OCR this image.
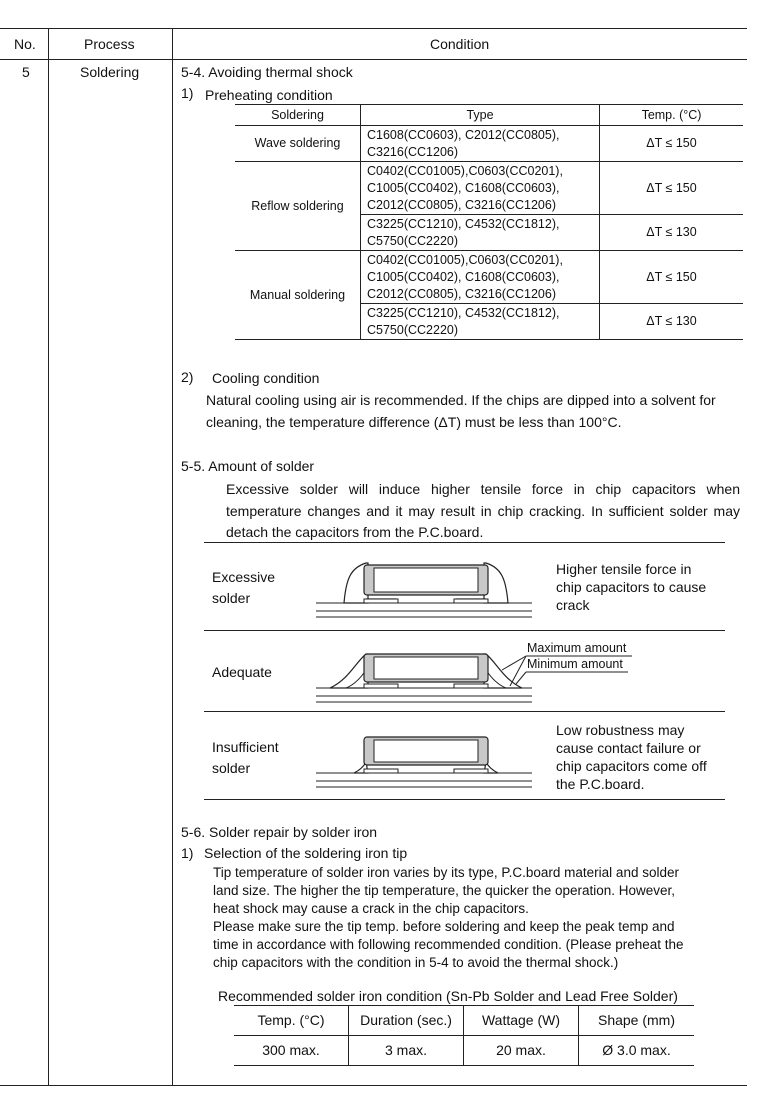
No.	Process	Condition
5	Soldering	5-4. Avoiding thermal shock
1) Preheating condition
Soldering	Type	Temp. (°C)
Wave soldering	C1608(CC0603), C2012(CC0805),
C3216(CC1206)	ΔT ≤ 150
Reflow soldering	C0402(CC01005),C0603(CC0201),
C1005(CC0402), C1608(CC0603),
C2012(CC0805), C3216(CC1206)	ΔT ≤ 150

	C3225(CC1210), C4532(CC1812),
C5750(CC2220)	ΔT ≤ 130
Manual soldering	C0402(CC01005),C0603(CC0201),
C1005(CC0402), C1608(CC0603),
C2012(CC0805), C3216(CC1206)	ΔT ≤ 150

	C3225(CC1210), C4532(CC1812),
C5750(CC2220)	ΔT ≤ 130
2) Cooling condition
Natural cooling using air is recommended. If the chips are dipped into a solvent for
cleaning, the temperature difference (ΔT) must be less than 100°C.
5-5. Amount of solder
Excessive solder will induce higher tensile force in chip capacitors when
temperature changes and it may result in chip cracking. In sufficient solder may
detach the capacitors from the P.C.board.
Excessive
solder
Higher tensile force in
chip capacitors to cause
crack
Adequate
Maximum amount
Minimum amount
Insufficient
solder
Low robustness may
cause contact failure or
chip capacitors come off
the P.C.board.
5-6. Solder repair by solder iron
1) Selection of the soldering iron tip
Tip temperature of solder iron varies by its type, P.C.board material and solder
land size. The higher the tip temperature, the quicker the operation. However,
heat shock may cause a crack in the chip capacitors.
Please make sure the tip temp. before soldering and keep the peak temp and
time in accordance with following recommended condition. (Please preheat the
chip capacitors with the condition in 5-4 to avoid the thermal shock.)
Recommended solder iron condition (Sn-Pb Solder and Lead Free Solder)
Temp. (°C)	Duration (sec.)	Wattage (W)	Shape (mm)
300 max.	3 max.	20 max.	Ø 3.0 max.
